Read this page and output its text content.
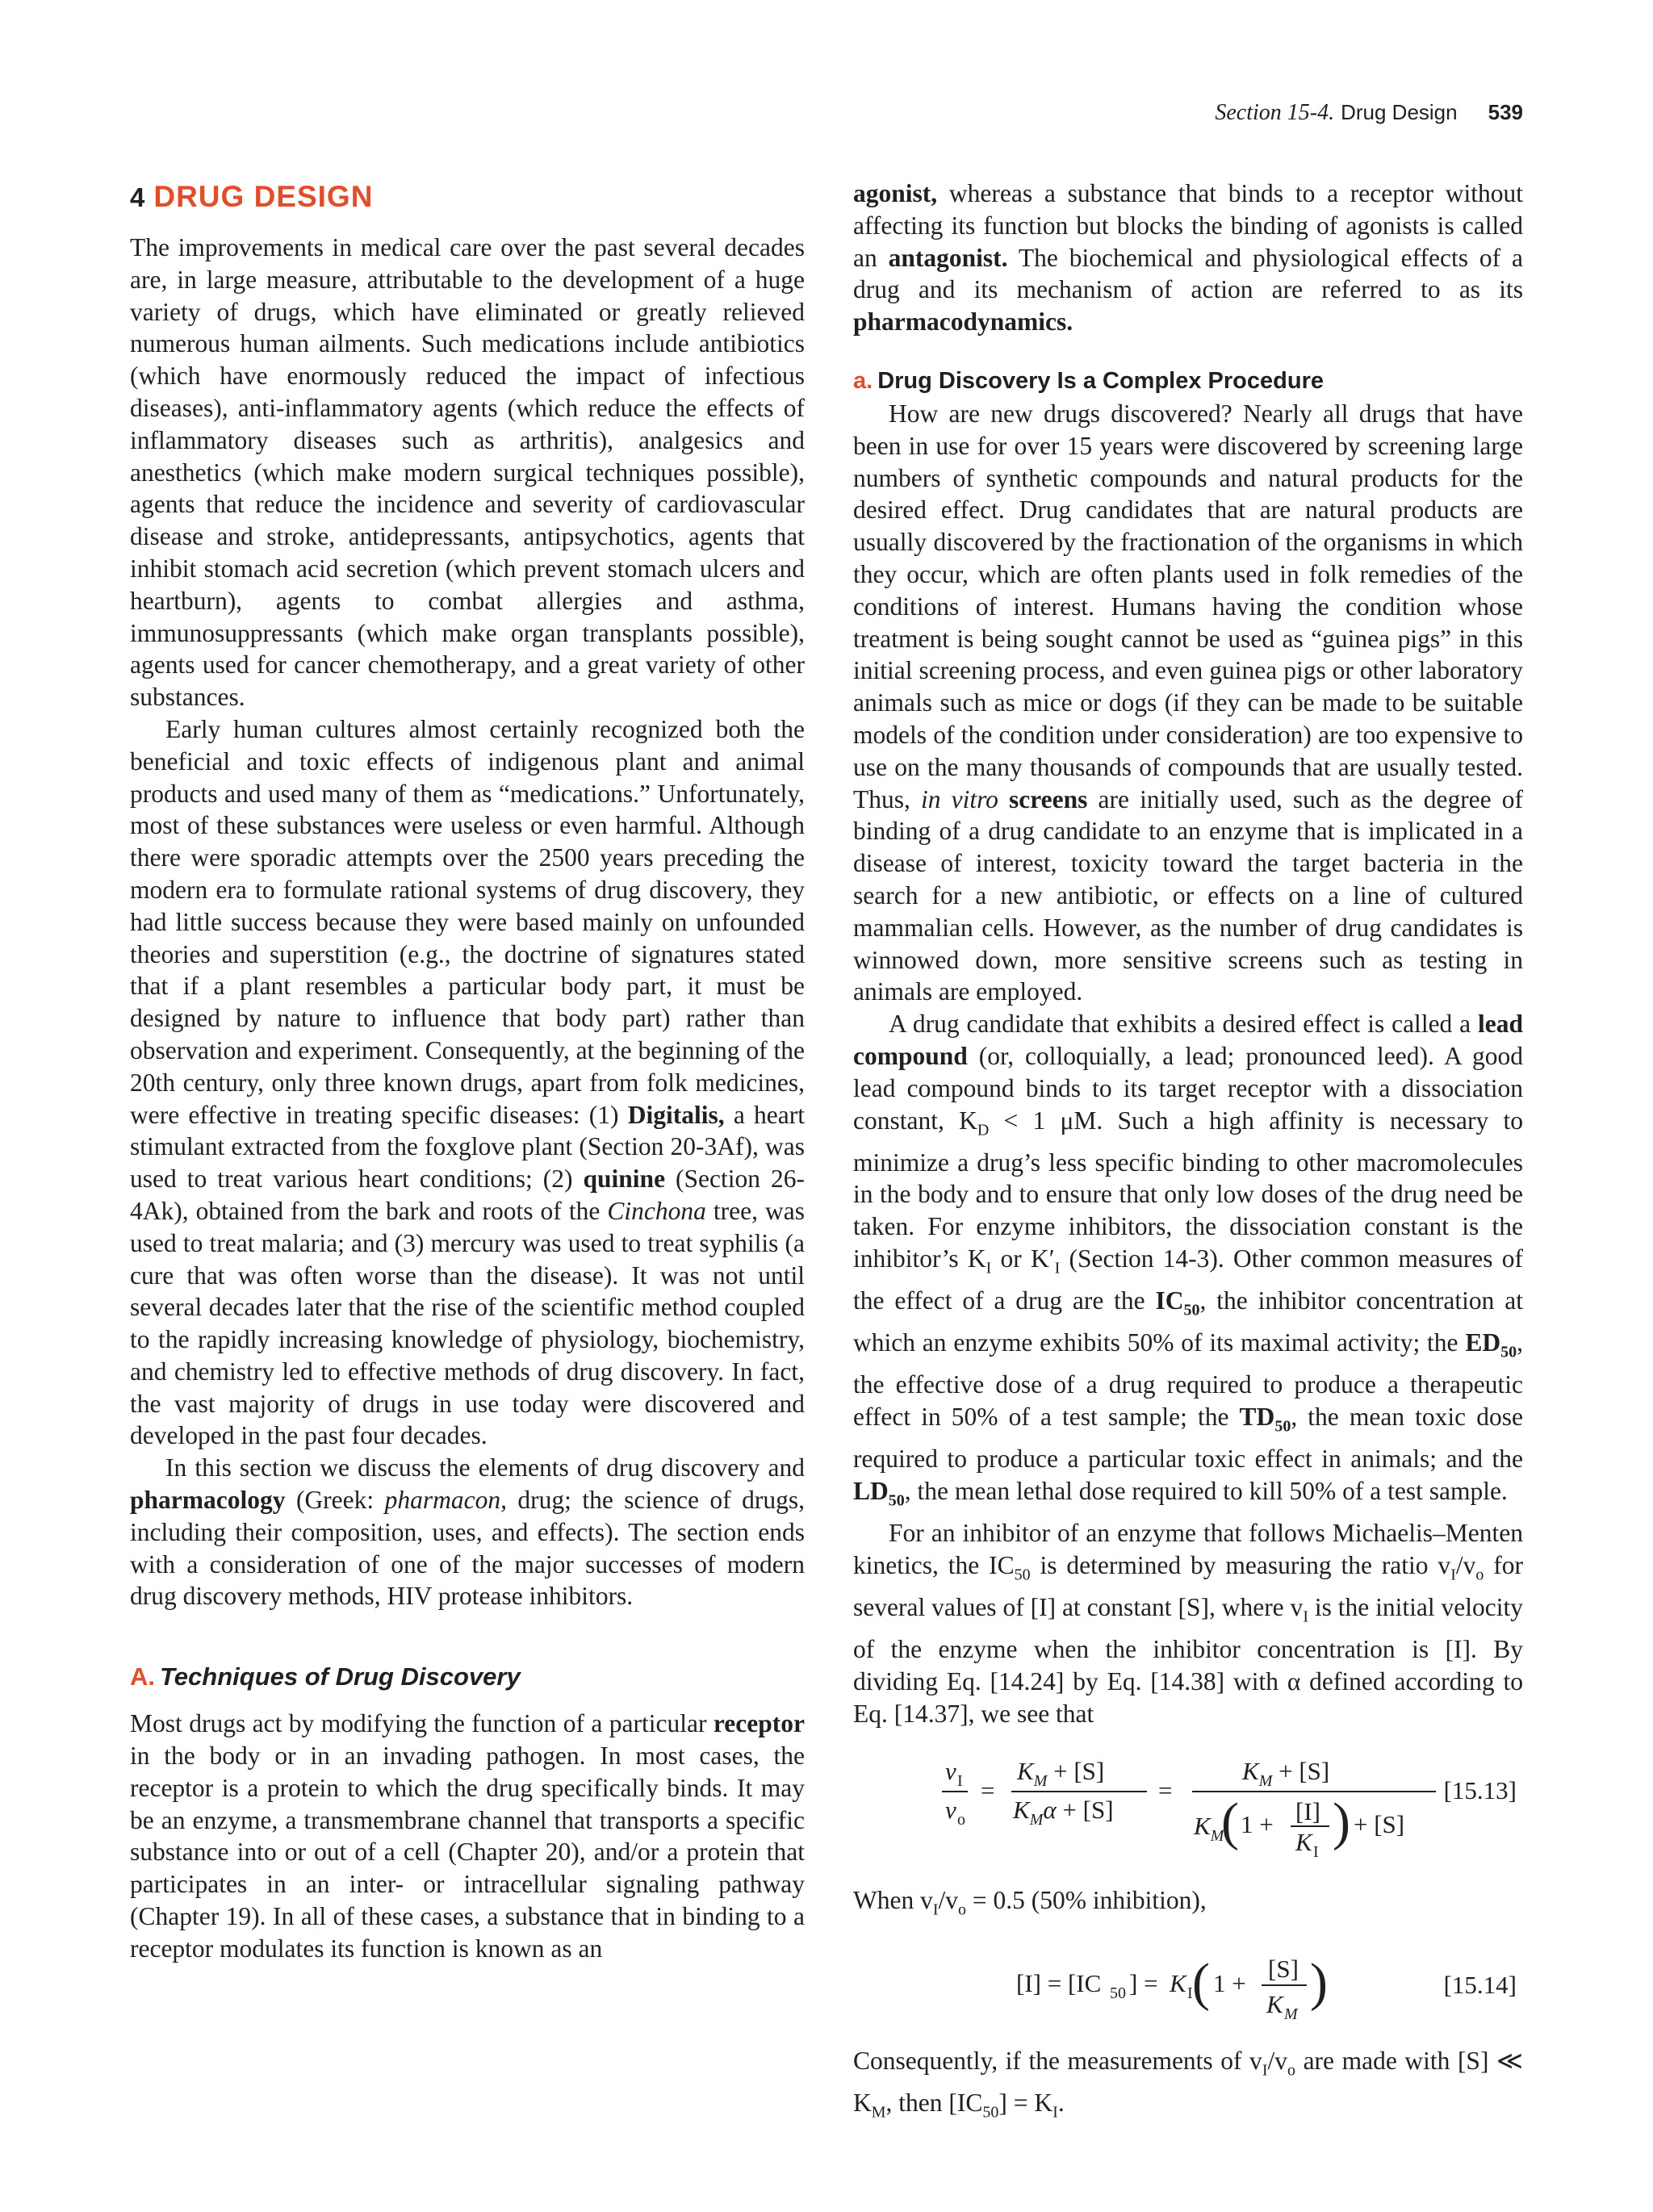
Section 15-4. Drug Design 539
4 DRUG DESIGN

The improvements in medical care over the past several decades are, in large measure, attributable to the development of a huge variety of drugs, which have eliminated or greatly relieved numerous human ailments. Such medications include antibiotics (which have enormously reduced the impact of infectious diseases), anti-inflammatory agents (which reduce the effects of inflammatory diseases such as arthritis), analgesics and anesthetics (which make modern surgical techniques possible), agents that reduce the incidence and severity of cardiovascular disease and stroke, antidepressants, antipsychotics, agents that inhibit stomach acid secretion (which prevent stomach ulcers and heartburn), agents to combat allergies and asthma, immunosuppressants (which make organ transplants possible), agents used for cancer chemotherapy, and a great variety of other substances.

Early human cultures almost certainly recognized both the beneficial and toxic effects of indigenous plant and animal products and used many of them as “medications.” Unfortunately, most of these substances were useless or even harmful. Although there were sporadic attempts over the 2500 years preceding the modern era to formulate rational systems of drug discovery, they had little success because they were based mainly on unfounded theories and superstition (e.g., the doctrine of signatures stated that if a plant resembles a particular body part, it must be designed by nature to influence that body part) rather than observation and experiment. Consequently, at the beginning of the 20th century, only three known drugs, apart from folk medicines, were effective in treating specific diseases: (1) Digitalis, a heart stimulant extracted from the foxglove plant (Section 20-3Af), was used to treat various heart conditions; (2) quinine (Section 26-4Ak), obtained from the bark and roots of the Cinchona tree, was used to treat malaria; and (3) mercury was used to treat syphilis (a cure that was often worse than the disease). It was not until several decades later that the rise of the scientific method coupled to the rapidly increasing knowledge of physiology, biochemistry, and chemistry led to effective methods of drug discovery. In fact, the vast majority of drugs in use today were discovered and developed in the past four decades.

In this section we discuss the elements of drug discovery and pharmacology (Greek: pharmacon, drug; the science of drugs, including their composition, uses, and effects). The section ends with a consideration of one of the major successes of modern drug discovery methods, HIV protease inhibitors.

A. Techniques of Drug Discovery

Most drugs act by modifying the function of a particular receptor in the body or in an invading pathogen. In most cases, the receptor is a protein to which the drug specifically binds. It may be an enzyme, a transmembrane channel that transports a specific substance into or out of a cell (Chapter 20), and/or a protein that participates in an inter- or intracellular signaling pathway (Chapter 19). In all of these cases, a substance that in binding to a receptor modulates its function is known as an

agonist, whereas a substance that binds to a receptor without affecting its function but blocks the binding of agonists is called an antagonist. The biochemical and physiological effects of a drug and its mechanism of action are referred to as its pharmacodynamics.

a. Drug Discovery Is a Complex Procedure

How are new drugs discovered? Nearly all drugs that have been in use for over 15 years were discovered by screening large numbers of synthetic compounds and natural products for the desired effect. Drug candidates that are natural products are usually discovered by the fractionation of the organisms in which they occur, which are often plants used in folk remedies of the conditions of interest. Humans having the condition whose treatment is being sought cannot be used as “guinea pigs” in this initial screening process, and even guinea pigs or other laboratory animals such as mice or dogs (if they can be made to be suitable models of the condition under consideration) are too expensive to use on the many thousands of compounds that are usually tested. Thus, in vitro screens are initially used, such as the degree of binding of a drug candidate to an enzyme that is implicated in a disease of interest, toxicity toward the target bacteria in the search for a new antibiotic, or effects on a line of cultured mammalian cells. However, as the number of drug candidates is winnowed down, more sensitive screens such as testing in animals are employed.

A drug candidate that exhibits a desired effect is called a lead compound (or, colloquially, a lead; pronounced leed). A good lead compound binds to its target receptor with a dissociation constant, $K_D < 1$ μM. Such a high affinity is necessary to minimize a drug’s less specific binding to other macromolecules in the body and to ensure that only low doses of the drug need be taken. For enzyme inhibitors, the dissociation constant is the inhibitor’s $K_I$ or $K'_I$ (Section 14-3). Other common measures of the effect of a drug are the $IC_{50}$, the inhibitor concentration at which an enzyme exhibits 50% of its maximal activity; the $ED_{50}$, the effective dose of a drug required to produce a therapeutic effect in 50% of a test sample; the $TD_{50}$, the mean toxic dose required to produce a particular toxic effect in animals; and the $LD_{50}$, the mean lethal dose required to kill 50% of a test sample.

For an inhibitor of an enzyme that follows Michaelis–Menten kinetics, the $IC_{50}$ is determined by measuring the ratio $v_I/v_o$ for several values of [I] at constant [S], where $v_I$ is the initial velocity of the enzyme when the inhibitor concentration is [I]. By dividing Eq. [14.24] by Eq. [14.38] with α defined according to Eq. [14.37], we see that

v I
v o
=
$K_M + [S]$
$K_M\alpha + [S]$
=
$K_M + [S]$
$K_M$
( 1 + [I]
K I
) + [S]
[15.13]

When $v_I/v_o = 0.5$ (50% inhibition),

[I] = [IC 50 ] = K I ( 1 +
[S]
K M
)	[15.14]

Consequently, if the measurements of $v_I/v_o$ are made with [S] ≪ $K_M$, then $[IC_{50}] = K_I$.
